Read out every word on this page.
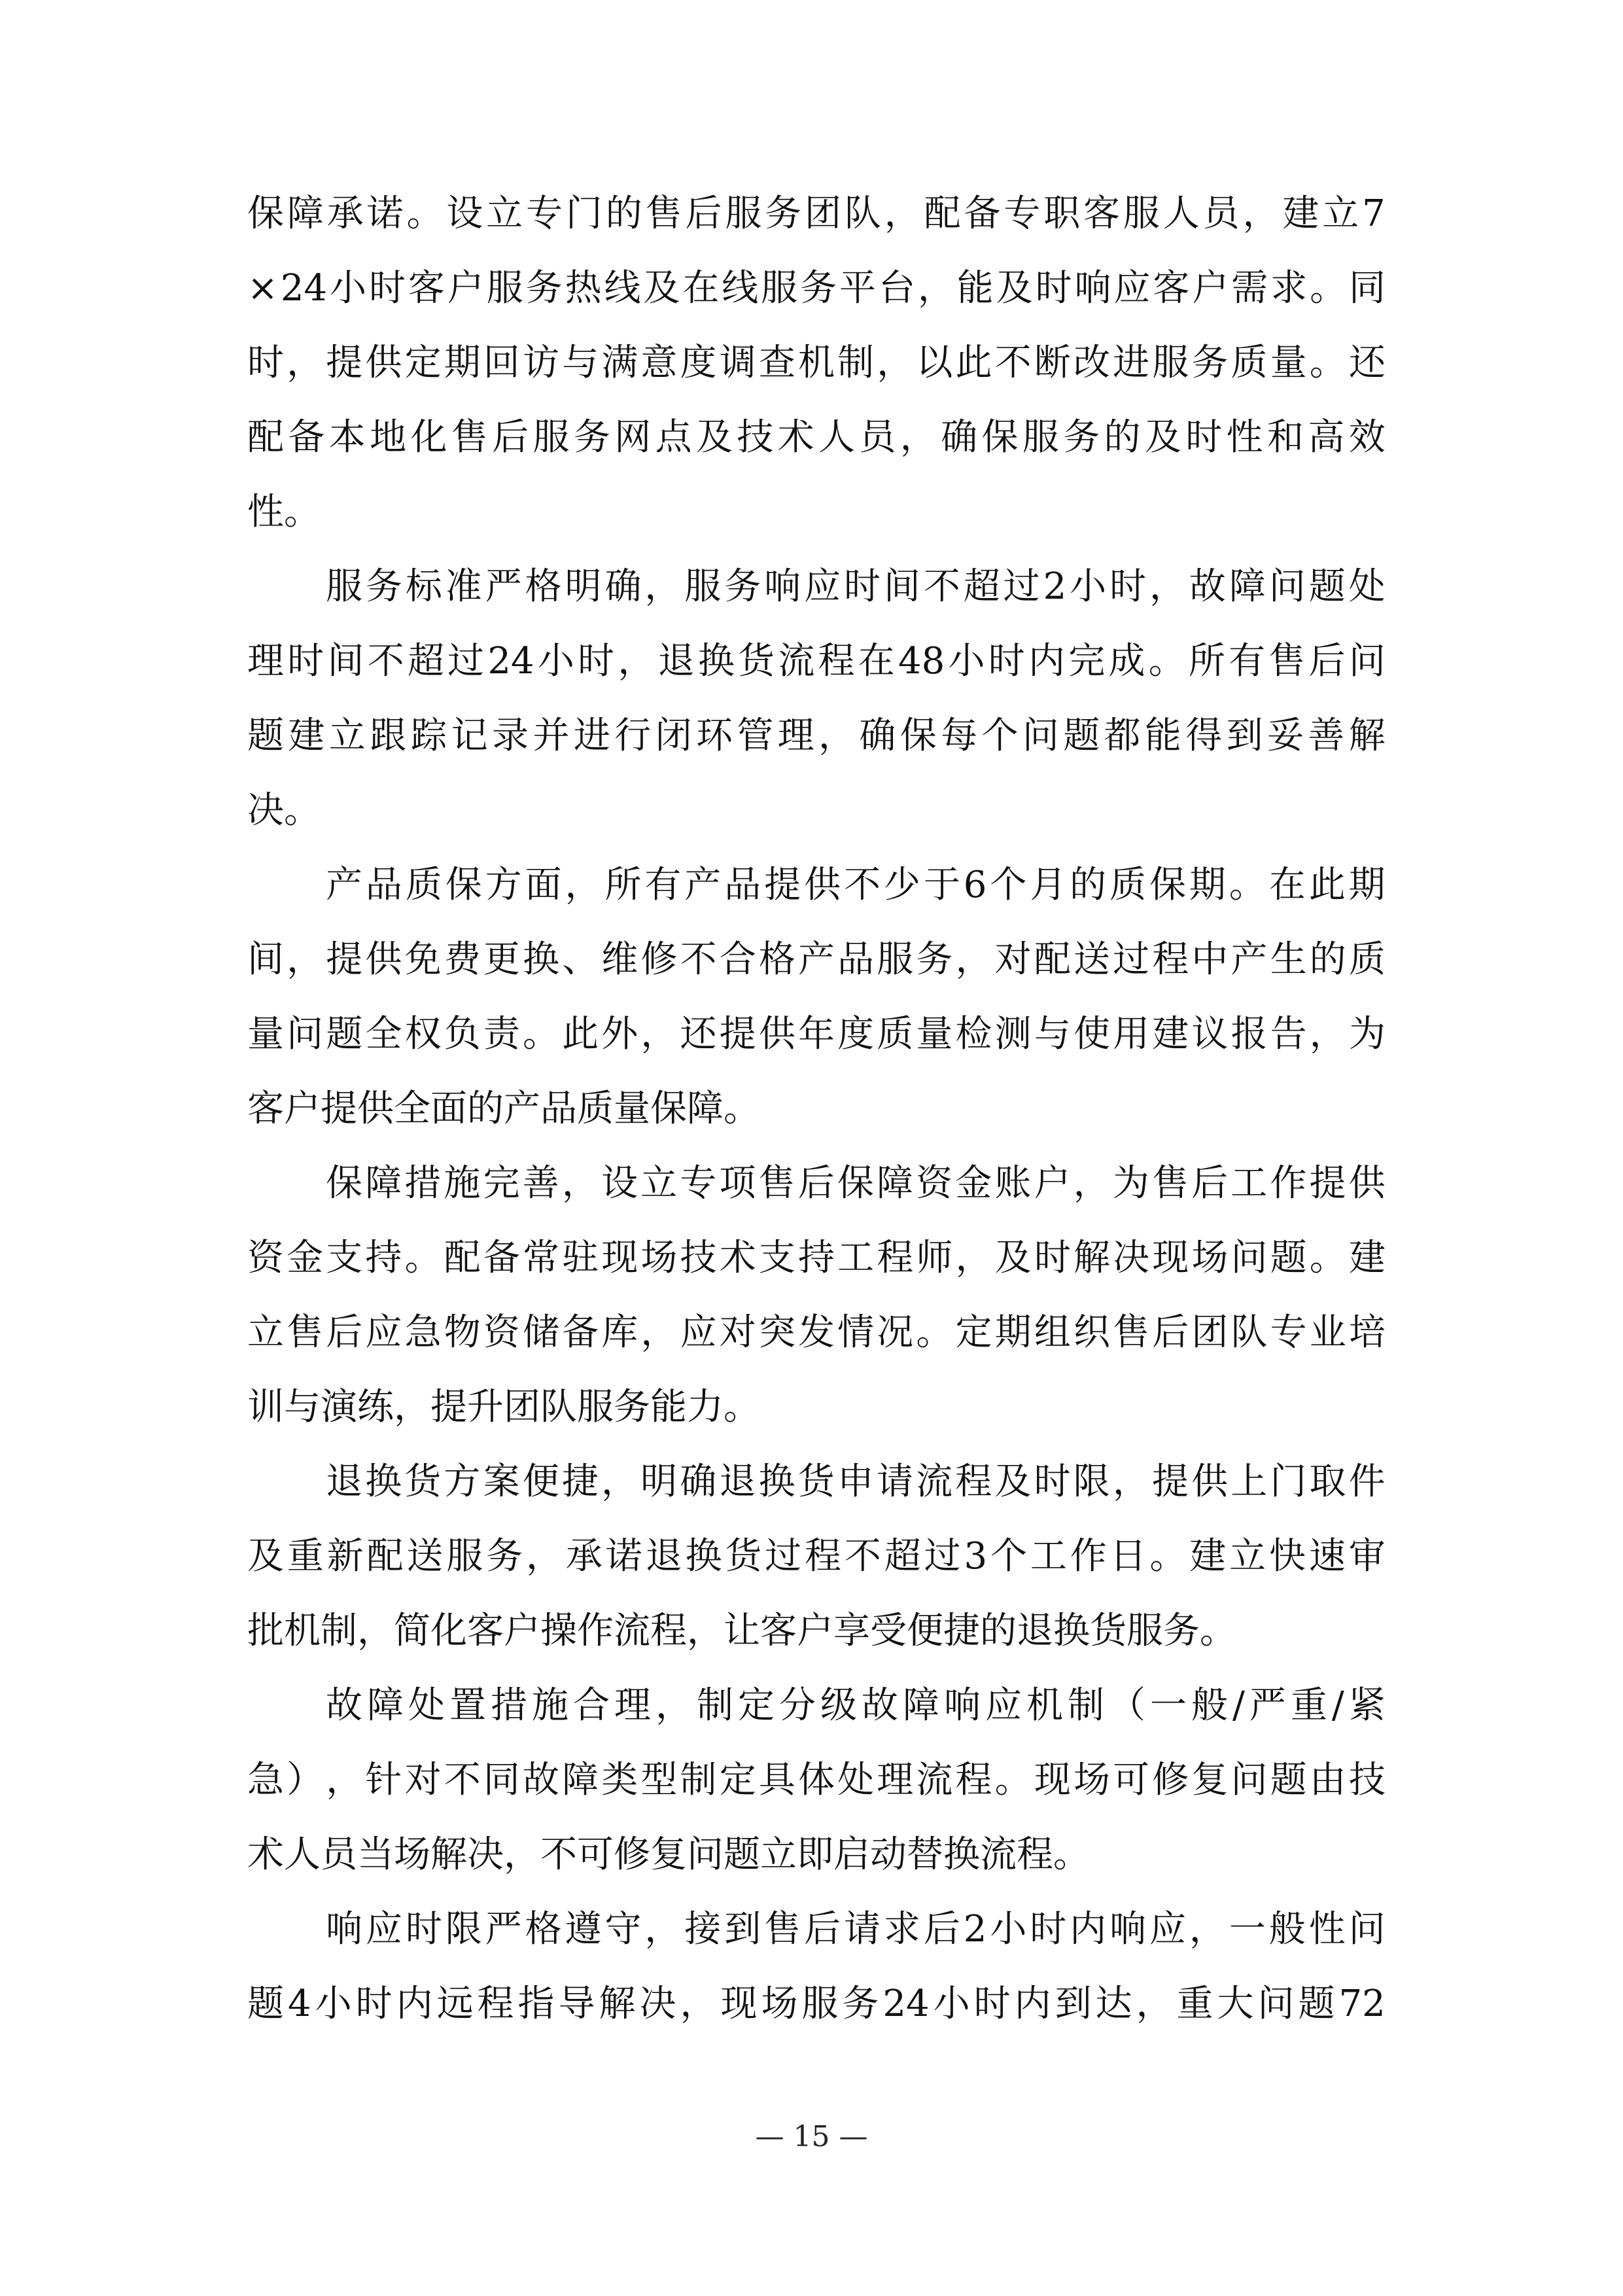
保 障 承 诺 。 设 立 专 门 的 售 后 服 务 团 队 ， 配 备 专 职 客 服 人 员 ， 建 立 7
× 24 小 时 客 户 服 务 热 线 及 在 线 服 务 平 台 ， 能 及 时 响 应 客 户 需 求 。 同
时 ， 提 供 定 期 回 访 与 满 意 度 调 查 机 制 ， 以 此 不 断 改 进 服 务 质 量 。 还
配 备 本 地 化 售 后 服 务 网 点 及 技 术 人 员 ， 确 保 服 务 的 及 时 性 和 高 效
性 。
服 务 标 准 严 格 明 确 ， 服 务 响 应 时 间 不 超 过 2 小 时 ， 故 障 问 题 处
理 时 间 不 超 过 24 小 时 ， 退 换 货 流 程 在 48 小 时 内 完 成 。 所 有 售 后 问
题 建 立 跟 踪 记 录 并 进 行 闭 环 管 理 ， 确 保 每 个 问 题 都 能 得 到 妥 善 解
决 。
产 品 质 保 方 面 ， 所 有 产 品 提 供 不 少 于 6 个 月 的 质 保 期 。 在 此 期
间 ， 提 供 免 费 更 换 、 维 修 不 合 格 产 品 服 务 ， 对 配 送 过 程 中 产 生 的 质
量 问 题 全 权 负 责 。 此 外 ， 还 提 供 年 度 质 量 检 测 与 使 用 建 议 报 告 ， 为
客 户 提 供 全 面 的 产 品 质 量 保 障 。
保 障 措 施 完 善 ， 设 立 专 项 售 后 保 障 资 金 账 户 ， 为 售 后 工 作 提 供
资 金 支 持 。 配 备 常 驻 现 场 技 术 支 持 工 程 师 ， 及 时 解 决 现 场 问 题 。 建
立 售 后 应 急 物 资 储 备 库 ， 应 对 突 发 情 况 。 定 期 组 织 售 后 团 队 专 业 培
训 与 演 练 ， 提 升 团 队 服 务 能 力 。
退 换 货 方 案 便 捷 ， 明 确 退 换 货 申 请 流 程 及 时 限 ， 提 供 上 门 取 件
及 重 新 配 送 服 务 ， 承 诺 退 换 货 过 程 不 超 过 3 个 工 作 日 。 建 立 快 速 审
批 机 制 ， 简 化 客 户 操 作 流 程 ， 让 客 户 享 受 便 捷 的 退 换 货 服 务 。
故 障 处 置 措 施 合 理 ， 制 定 分 级 故 障 响 应 机 制 （ 一 般 / 严 重 / 紧
急 ） ， 针 对 不 同 故 障 类 型 制 定 具 体 处 理 流 程 。 现 场 可 修 复 问 题 由 技
术 人 员 当 场 解 决 ， 不 可 修 复 问 题 立 即 启 动 替 换 流 程 。
响 应 时 限 严 格 遵 守 ， 接 到 售 后 请 求 后 2 小 时 内 响 应 ， 一 般 性 问
题 4 小 时 内 远 程 指 导 解 决 ， 现 场 服 务 24 小 时 内 到 达 ， 重 大 问 题 72
— 15 —
